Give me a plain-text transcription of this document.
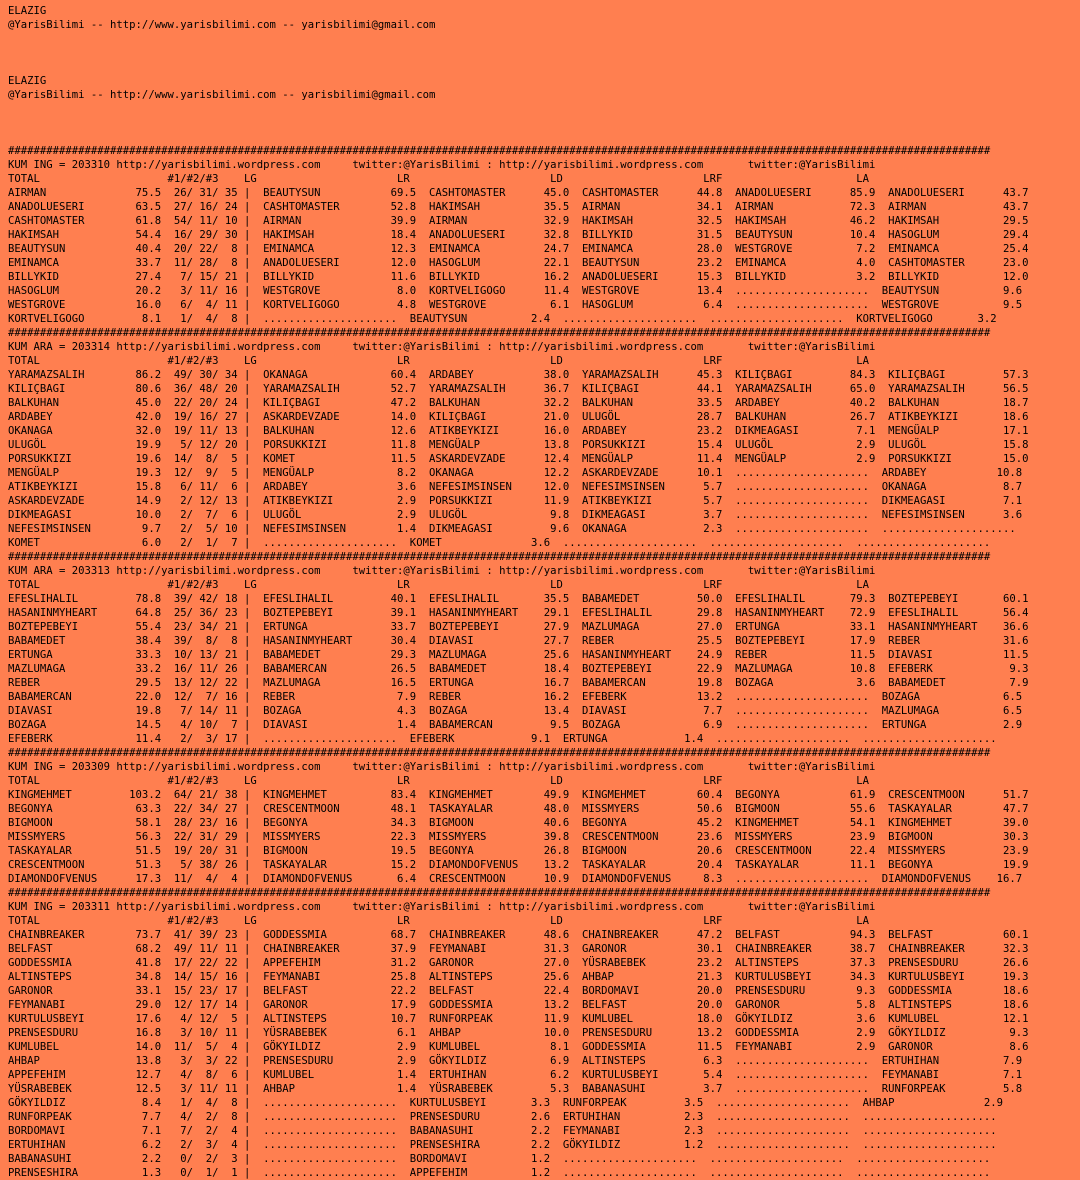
ELAZIG
@YarisBilimi -- http://www.yarisbilimi.com -- yarisbilimi@gmail.com

ELAZIG
@YarisBilimi -- http://www.yarisbilimi.com -- yarisbilimi@gmail.com

##########################################################################################################################################################
KUM ING = 203310 http://yarisbilimi.wordpress.com     twitter:@YarisBilimi : http://yarisbilimi.wordpress.com       twitter:@YarisBilimi
TOTAL                    #1/#2/#3    LG                      LR                      LD                      LRF                     LA
AIRMAN              75.5  26/ 31/ 35 |  BEAUTYSUN           69.5  CASHTOMASTER      45.0  CASHTOMASTER      44.8  ANADOLUESERI      85.9  ANADOLUESERI      43.7
ANADOLUESERI        63.5  27/ 16/ 24 |  CASHTOMASTER        52.8  HAKIMSAH          35.5  AIRMAN            34.1  AIRMAN            72.3  AIRMAN            43.7
CASHTOMASTER        61.8  54/ 11/ 10 |  AIRMAN              39.9  AIRMAN            32.9  HAKIMSAH          32.5  HAKIMSAH          46.2  HAKIMSAH          29.5
HAKIMSAH            54.4  16/ 29/ 30 |  HAKIMSAH            18.4  ANADOLUESERI      32.8  BILLYKID          31.5  BEAUTYSUN         10.4  HASOGLUM          29.4
BEAUTYSUN           40.4  20/ 22/  8 |  EMINAMCA            12.3  EMINAMCA          24.7  EMINAMCA          28.0  WESTGROVE          7.2  EMINAMCA          25.4
EMINAMCA            33.7  11/ 28/  8 |  ANADOLUESERI        12.0  HASOGLUM          22.1  BEAUTYSUN         23.2  EMINAMCA           4.0  CASHTOMASTER      23.0
BILLYKID            27.4   7/ 15/ 21 |  BILLYKID            11.6  BILLYKID          16.2  ANADOLUESERI      15.3  BILLYKID           3.2  BILLYKID          12.0
HASOGLUM            20.2   3/ 11/ 16 |  WESTGROVE            8.0  KORTVELIGOGO      11.4  WESTGROVE         13.4  .....................  BEAUTYSUN          9.6
WESTGROVE           16.0   6/  4/ 11 |  KORTVELIGOGO         4.8  WESTGROVE          6.1  HASOGLUM           6.4  .....................  WESTGROVE          9.5
KORTVELIGOGO         8.1   1/  4/  8 |  .....................  BEAUTYSUN          2.4  .....................  .....................  KORTVELIGOGO       3.2
##########################################################################################################################################################
KUM ARA = 203314 http://yarisbilimi.wordpress.com     twitter:@YarisBilimi : http://yarisbilimi.wordpress.com       twitter:@YarisBilimi
TOTAL                    #1/#2/#3    LG                      LR                      LD                      LRF                     LA
YARAMAZSALIH        86.2  49/ 30/ 34 |  OKANAGA             60.4  ARDABEY           38.0  YARAMAZSALIH      45.3  KILIÇBAGI         84.3  KILIÇBAGI         57.3
KILIÇBAGI           80.6  36/ 48/ 20 |  YARAMAZSALIH        52.7  YARAMAZSALIH      36.7  KILIÇBAGI         44.1  YARAMAZSALIH      65.0  YARAMAZSALIH      56.5
BALKUHAN            45.0  22/ 20/ 24 |  KILIÇBAGI           47.2  BALKUHAN          32.2  BALKUHAN          33.5  ARDABEY           40.2  BALKUHAN          18.7
ARDABEY             42.0  19/ 16/ 27 |  ASKARDEVZADE        14.0  KILIÇBAGI         21.0  ULUGÖL            28.7  BALKUHAN          26.7  ATIKBEYKIZI       18.6
OKANAGA             32.0  19/ 11/ 13 |  BALKUHAN            12.6  ATIKBEYKIZI       16.0  ARDABEY           23.2  DIKMEAGASI         7.1  MENGÜALP          17.1
ULUGÖL              19.9   5/ 12/ 20 |  PORSUKKIZI          11.8  MENGÜALP          13.8  PORSUKKIZI        15.4  ULUGÖL             2.9  ULUGÖL            15.8
PORSUKKIZI          19.6  14/  8/  5 |  KOMET               11.5  ASKARDEVZADE      12.4  MENGÜALP          11.4  MENGÜALP           2.9  PORSUKKIZI        15.0
MENGÜALP            19.3  12/  9/  5 |  MENGÜALP             8.2  OKANAGA           12.2  ASKARDEVZADE      10.1  .....................  ARDABEY           10.8
ATIKBEYKIZI         15.8   6/ 11/  6 |  ARDABEY              3.6  NEFESIMSINSEN     12.0  NEFESIMSINSEN      5.7  .....................  OKANAGA            8.7
ASKARDEVZADE        14.9   2/ 12/ 13 |  ATIKBEYKIZI          2.9  PORSUKKIZI        11.9  ATIKBEYKIZI        5.7  .....................  DIKMEAGASI         7.1
DIKMEAGASI          10.0   2/  7/  6 |  ULUGÖL               2.9  ULUGÖL             9.8  DIKMEAGASI         3.7  .....................  NEFESIMSINSEN      3.6
NEFESIMSINSEN        9.7   2/  5/ 10 |  NEFESIMSINSEN        1.4  DIKMEAGASI         9.6  OKANAGA            2.3  .....................  .....................
KOMET                6.0   2/  1/  7 |  .....................  KOMET              3.6  .....................  .....................  .....................
##########################################################################################################################################################
KUM ARA = 203313 http://yarisbilimi.wordpress.com     twitter:@YarisBilimi : http://yarisbilimi.wordpress.com       twitter:@YarisBilimi
TOTAL                    #1/#2/#3    LG                      LR                      LD                      LRF                     LA
EFESLIHALIL         78.8  39/ 42/ 18 |  EFESLIHALIL         40.1  EFESLIHALIL       35.5  BABAMEDET         50.0  EFESLIHALIL       79.3  BOZTEPEBEYI       60.1
HASANINMYHEART      64.8  25/ 36/ 23 |  BOZTEPEBEYI         39.1  HASANINMYHEART    29.1  EFESLIHALIL       29.8  HASANINMYHEART    72.9  EFESLIHALIL       56.4
BOZTEPEBEYI         55.4  23/ 34/ 21 |  ERTUNGA             33.7  BOZTEPEBEYI       27.9  MAZLUMAGA         27.0  ERTUNGA           33.1  HASANINMYHEART    36.6
BABAMEDET           38.4  39/  8/  8 |  HASANINMYHEART      30.4  DIAVASI           27.7  REBER             25.5  BOZTEPEBEYI       17.9  REBER             31.6
ERTUNGA             33.3  10/ 13/ 21 |  BABAMEDET           29.3  MAZLUMAGA         25.6  HASANINMYHEART    24.9  REBER             11.5  DIAVASI           11.5
MAZLUMAGA           33.2  16/ 11/ 26 |  BABAMERCAN          26.5  BABAMEDET         18.4  BOZTEPEBEYI       22.9  MAZLUMAGA         10.8  EFEBERK            9.3
REBER               29.5  13/ 12/ 22 |  MAZLUMAGA           16.5  ERTUNGA           16.7  BABAMERCAN        19.8  BOZAGA             3.6  BABAMEDET          7.9
BABAMERCAN          22.0  12/  7/ 16 |  REBER                7.9  REBER             16.2  EFEBERK           13.2  .....................  BOZAGA             6.5
DIAVASI             19.8   7/ 14/ 11 |  BOZAGA               4.3  BOZAGA            13.4  DIAVASI            7.7  .....................  MAZLUMAGA          6.5
BOZAGA              14.5   4/ 10/  7 |  DIAVASI              1.4  BABAMERCAN         9.5  BOZAGA             6.9  .....................  ERTUNGA            2.9
EFEBERK             11.4   2/  3/ 17 |  .....................  EFEBERK            9.1  ERTUNGA            1.4  .....................  .....................
##########################################################################################################################################################
KUM ING = 203309 http://yarisbilimi.wordpress.com     twitter:@YarisBilimi : http://yarisbilimi.wordpress.com       twitter:@YarisBilimi
TOTAL                    #1/#2/#3    LG                      LR                      LD                      LRF                     LA
KINGMEHMET         103.2  64/ 21/ 38 |  KINGMEHMET          83.4  KINGMEHMET        49.9  KINGMEHMET        60.4  BEGONYA           61.9  CRESCENTMOON      51.7
BEGONYA             63.3  22/ 34/ 27 |  CRESCENTMOON        48.1  TASKAYALAR        48.0  MISSMYERS         50.6  BIGMOON           55.6  TASKAYALAR        47.7
BIGMOON             58.1  28/ 23/ 16 |  BEGONYA             34.3  BIGMOON           40.6  BEGONYA           45.2  KINGMEHMET        54.1  KINGMEHMET        39.0
MISSMYERS           56.3  22/ 31/ 29 |  MISSMYERS           22.3  MISSMYERS         39.8  CRESCENTMOON      23.6  MISSMYERS         23.9  BIGMOON           30.3
TASKAYALAR          51.5  19/ 20/ 31 |  BIGMOON             19.5  BEGONYA           26.8  BIGMOON           20.6  CRESCENTMOON      22.4  MISSMYERS         23.9
CRESCENTMOON        51.3   5/ 38/ 26 |  TASKAYALAR          15.2  DIAMONDOFVENUS    13.2  TASKAYALAR        20.4  TASKAYALAR        11.1  BEGONYA           19.9
DIAMONDOFVENUS      17.3  11/  4/  4 |  DIAMONDOFVENUS       6.4  CRESCENTMOON      10.9  DIAMONDOFVENUS     8.3  .....................  DIAMONDOFVENUS    16.7
##########################################################################################################################################################
KUM ING = 203311 http://yarisbilimi.wordpress.com     twitter:@YarisBilimi : http://yarisbilimi.wordpress.com       twitter:@YarisBilimi
TOTAL                    #1/#2/#3    LG                      LR                      LD                      LRF                     LA
CHAINBREAKER        73.7  41/ 39/ 23 |  GODDESSMIA          68.7  CHAINBREAKER      48.6  CHAINBREAKER      47.2  BELFAST           94.3  BELFAST           60.1
BELFAST             68.2  49/ 11/ 11 |  CHAINBREAKER        37.9  FEYMANABI         31.3  GARONOR           30.1  CHAINBREAKER      38.7  CHAINBREAKER      32.3
GODDESSMIA          41.8  17/ 22/ 22 |  APPEFEHIM           31.2  GARONOR           27.0  YÜSRABEBEK        23.2  ALTINSTEPS        37.3  PRENSESDURU       26.6
ALTINSTEPS          34.8  14/ 15/ 16 |  FEYMANABI           25.8  ALTINSTEPS        25.6  AHBAP             21.3  KURTULUSBEYI      34.3  KURTULUSBEYI      19.3
GARONOR             33.1  15/ 23/ 17 |  BELFAST             22.2  BELFAST           22.4  BORDOMAVI         20.0  PRENSESDURU        9.3  GODDESSMIA        18.6
FEYMANABI           29.0  12/ 17/ 14 |  GARONOR             17.9  GODDESSMIA        13.2  BELFAST           20.0  GARONOR            5.8  ALTINSTEPS        18.6
KURTULUSBEYI        17.6   4/ 12/  5 |  ALTINSTEPS          10.7  RUNFORPEAK        11.9  KUMLUBEL          18.0  GÖKYILDIZ          3.6  KUMLUBEL          12.1
PRENSESDURU         16.8   3/ 10/ 11 |  YÜSRABEBEK           6.1  AHBAP             10.0  PRENSESDURU       13.2  GODDESSMIA         2.9  GÖKYILDIZ          9.3
KUMLUBEL            14.0  11/  5/  4 |  GÖKYILDIZ            2.9  KUMLUBEL           8.1  GODDESSMIA        11.5  FEYMANABI          2.9  GARONOR            8.6
AHBAP               13.8   3/  3/ 22 |  PRENSESDURU          2.9  GÖKYILDIZ          6.9  ALTINSTEPS         6.3  .....................  ERTUHIHAN          7.9
APPEFEHIM           12.7   4/  8/  6 |  KUMLUBEL             1.4  ERTUHIHAN          6.2  KURTULUSBEYI       5.4  .....................  FEYMANABI          7.1
YÜSRABEBEK          12.5   3/ 11/ 11 |  AHBAP                1.4  YÜSRABEBEK         5.3  BABANASUHI         3.7  .....................  RUNFORPEAK         5.8
GÖKYILDIZ            8.4   1/  4/  8 |  .....................  KURTULUSBEYI       3.3  RUNFORPEAK         3.5  .....................  AHBAP              2.9
RUNFORPEAK           7.7   4/  2/  8 |  .....................  PRENSESDURU        2.6  ERTUHIHAN          2.3  .....................  .....................
BORDOMAVI            7.1   7/  2/  4 |  .....................  BABANASUHI         2.2  FEYMANABI          2.3  .....................  .....................
ERTUHIHAN            6.2   2/  3/  4 |  .....................  PRENSESHIRA        2.2  GÖKYILDIZ          1.2  .....................  .....................
BABANASUHI           2.2   0/  2/  3 |  .....................  BORDOMAVI          1.2  .....................  .....................  .....................
PRENSESHIRA          1.3   0/  1/  1 |  .....................  APPEFEHIM          1.2  .....................  .....................  .....................
